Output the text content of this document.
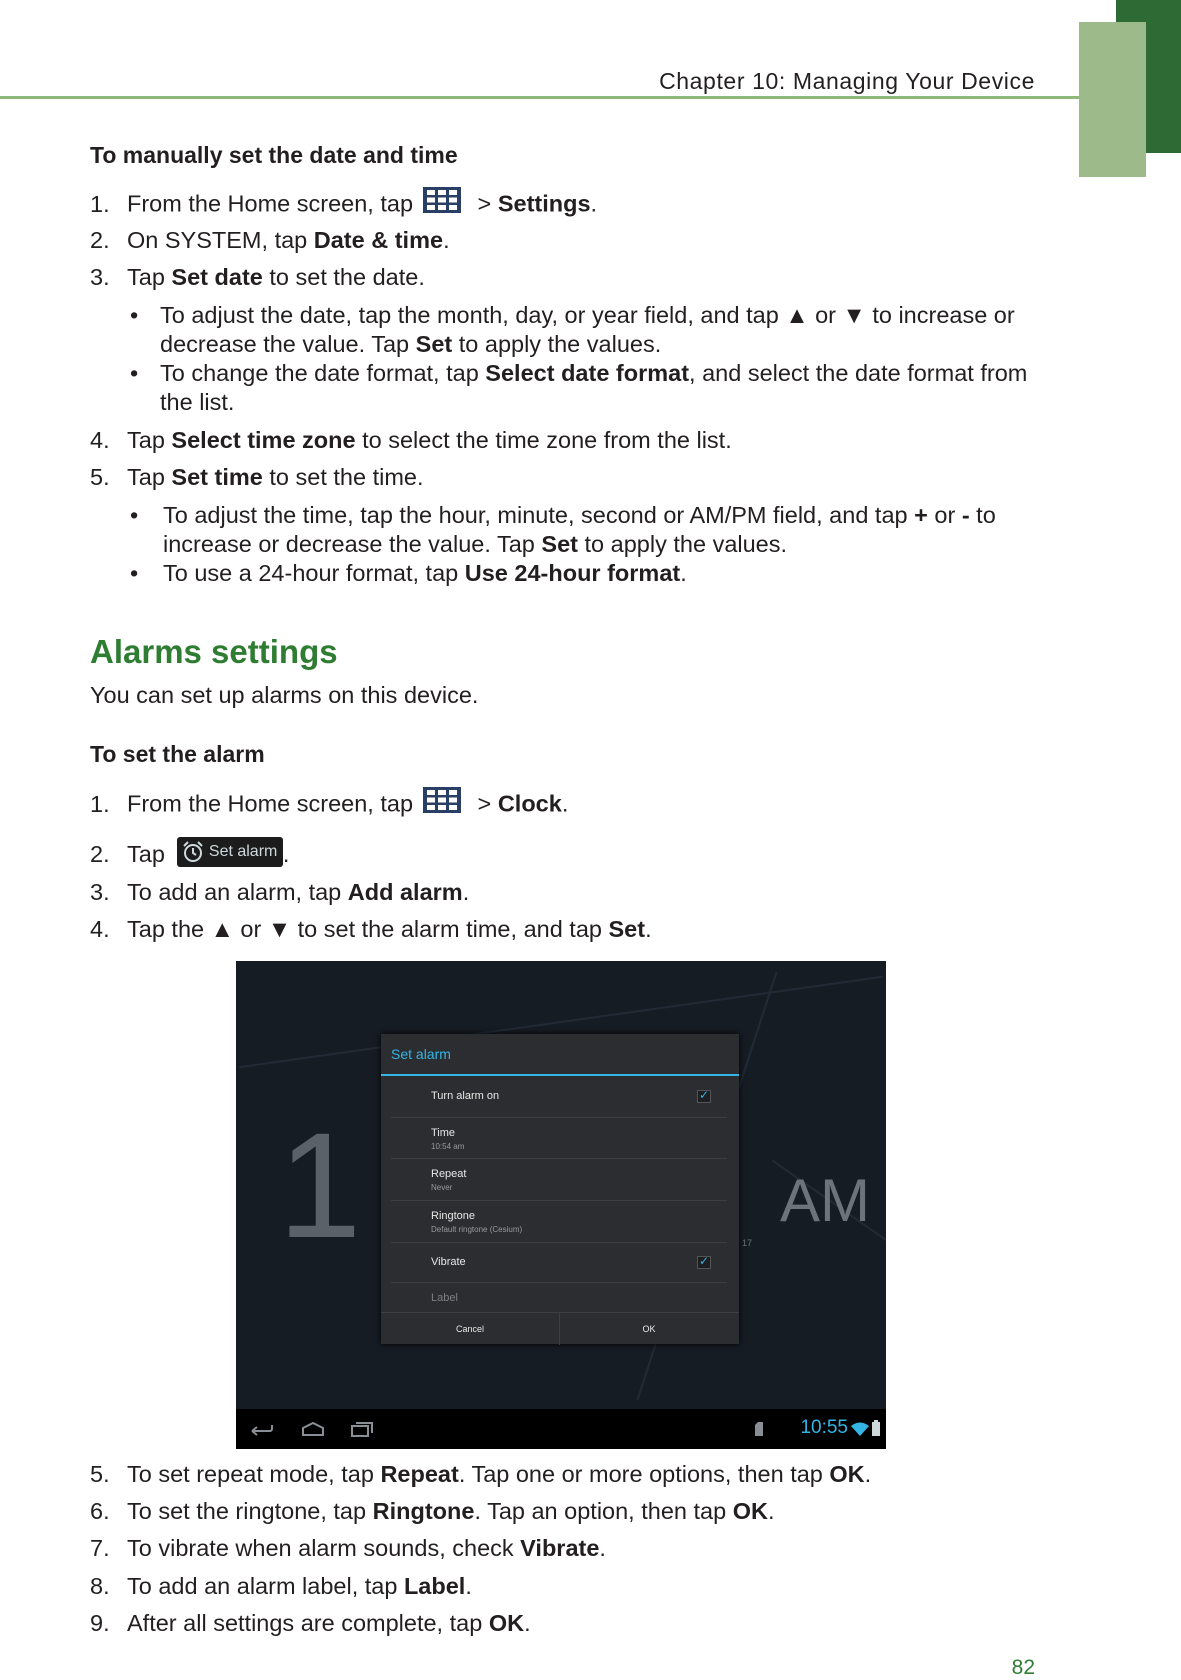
Chapter 10: Managing Your Device
To manually set the date and time
1. From the Home screen, tap > Settings.
2. On SYSTEM, tap Date & time.
3. Tap Set date to set the date.
• To adjust the date, tap the month, day, or year field, and tap ▲ or ▼ to increase or decrease the value. Tap Set to apply the values.
• To change the date format, tap Select date format, and select the date format from the list.
4. Tap Select time zone to select the time zone from the list.
5. Tap Set time to set the time.
•	To adjust the time, tap the hour, minute, second or AM/PM field, and tap + or - to increase or decrease the value. Tap Set to apply the values.
•	To use a 24-hour format, tap Use 24-hour format.
Alarms settings
You can set up alarms on this device.
To set the alarm
1. From the Home screen, tap > Clock.
2. Tap	Set alarm .
3. To add an alarm, tap Add alarm.
4. Tap the ▲ or ▼ to set the alarm time, and tap Set.
1	AM
17
Set alarm
Turn alarm on
✓
Time
10:54 am
Repeat
Never
Ringtone
Default ringtone (Cesium)
Vibrate
✓
Label
Cancel	OK
10:55
5. To set repeat mode, tap Repeat. Tap one or more options, then tap OK.
6. To set the ringtone, tap Ringtone. Tap an option, then tap OK.
7. To vibrate when alarm sounds, check Vibrate.
8. To add an alarm label, tap Label.
9. After all settings are complete, tap OK.
82
